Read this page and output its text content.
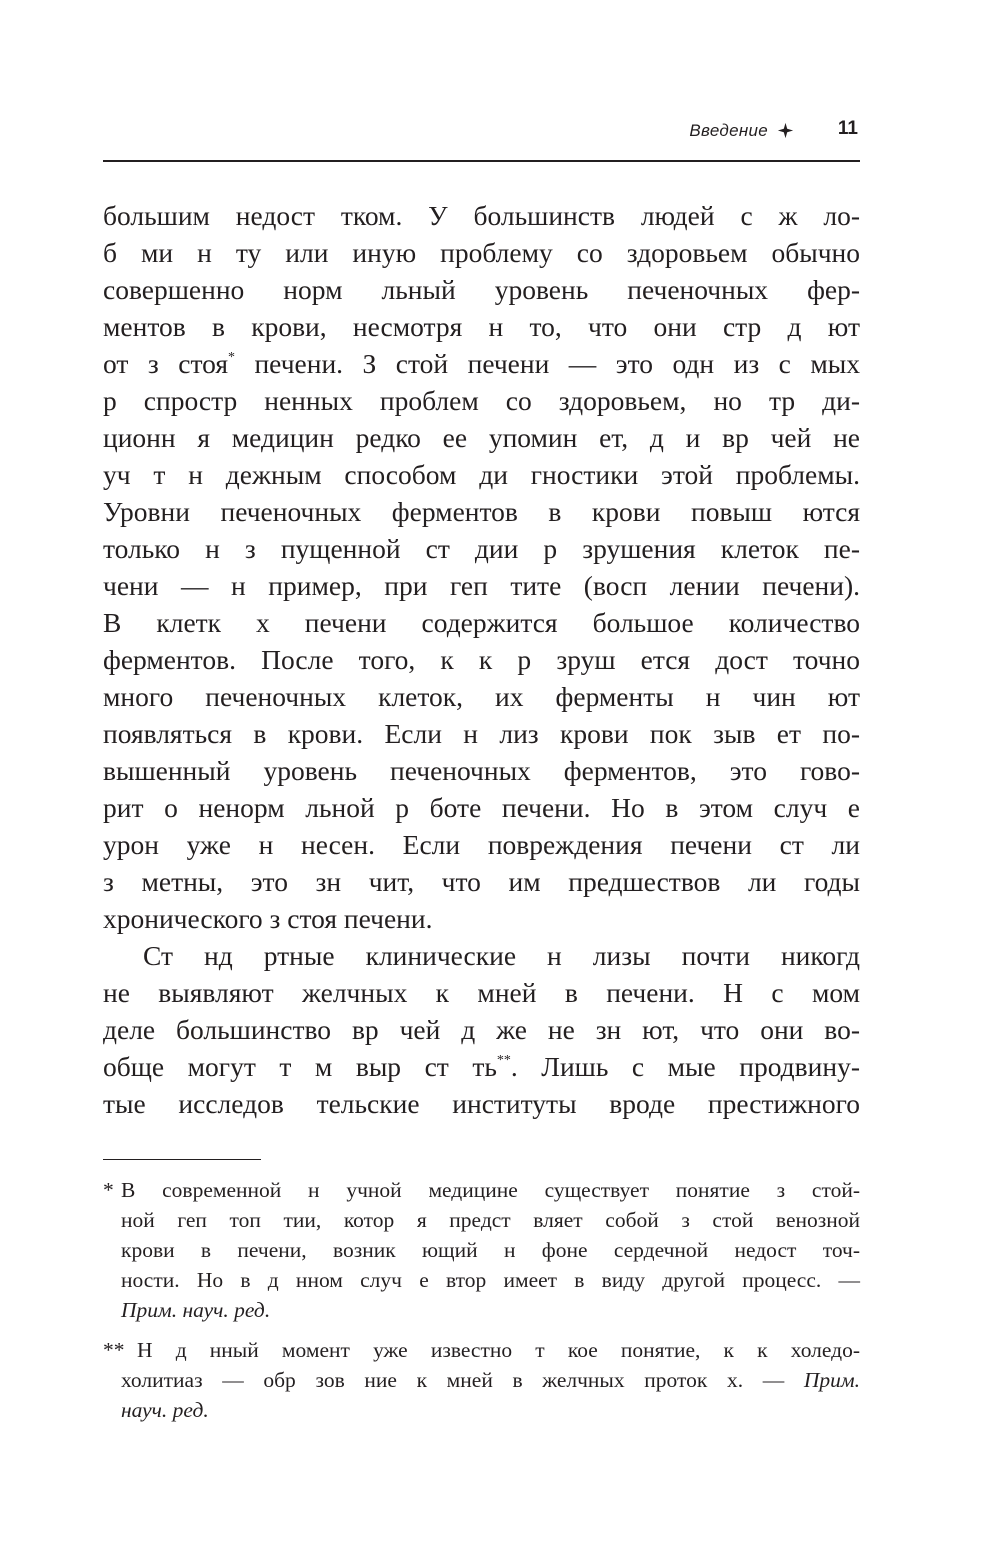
Введение	11
большим недост тком. У большинств людей с ж ло-
б ми н ту или иную проблему со здоровьем обычно
совершенно норм льный уровень печеночных фер-
ментов в крови, несмотря н то, что они стр д ют
от з стоя* печени. З стой печени — это одн из с мых
р спростр ненных проблем со здоровьем, но тр ди-
ционн я медицин редко ее упомин ет, д и вр чей не
уч т н дежным способом ди гностики этой проблемы.
Уровни печеночных ферментов в крови повыш ются
только н з пущенной ст дии р зрушения клеток пе-
чени — н пример, при геп тите (восп лении печени).
В клетк х печени содержится большое количество
ферментов. После того, к к р зруш ется дост точно
много печеночных клеток, их ферменты н чин ют
появляться в крови. Если н лиз крови пок зыв ет по-
вышенный уровень печеночных ферментов, это гово-
рит о ненорм льной р боте печени. Но в этом случ е
урон уже н несен. Если повреждения печени ст ли
з метны, это зн чит, что им предшествов ли годы
хронического з стоя печени.
Ст нд ртные клинические н лизы почти никогд
не выявляют желчных к мней в печени. Н с мом
деле большинство вр чей д же не зн ют, что они во-
обще могут т м выр ст ть**. Лишь с мые продвину-
тые исследов тельские институты вроде престижного
* В современной н учной медицине существует понятие з стой-
ной геп топ тии, котор я предст вляет собой з стой венозной
крови в печени, возник ющий н фоне сердечной недост точ-
ности. Но в д нном случ е втор имеет в виду другой процесс. —
Прим. науч. ред.
** Н д нный момент уже известно т кое понятие, к к холедо-
холитиаз — обр зов ние к мней в желчных проток х. — Прим.
науч. ред.
